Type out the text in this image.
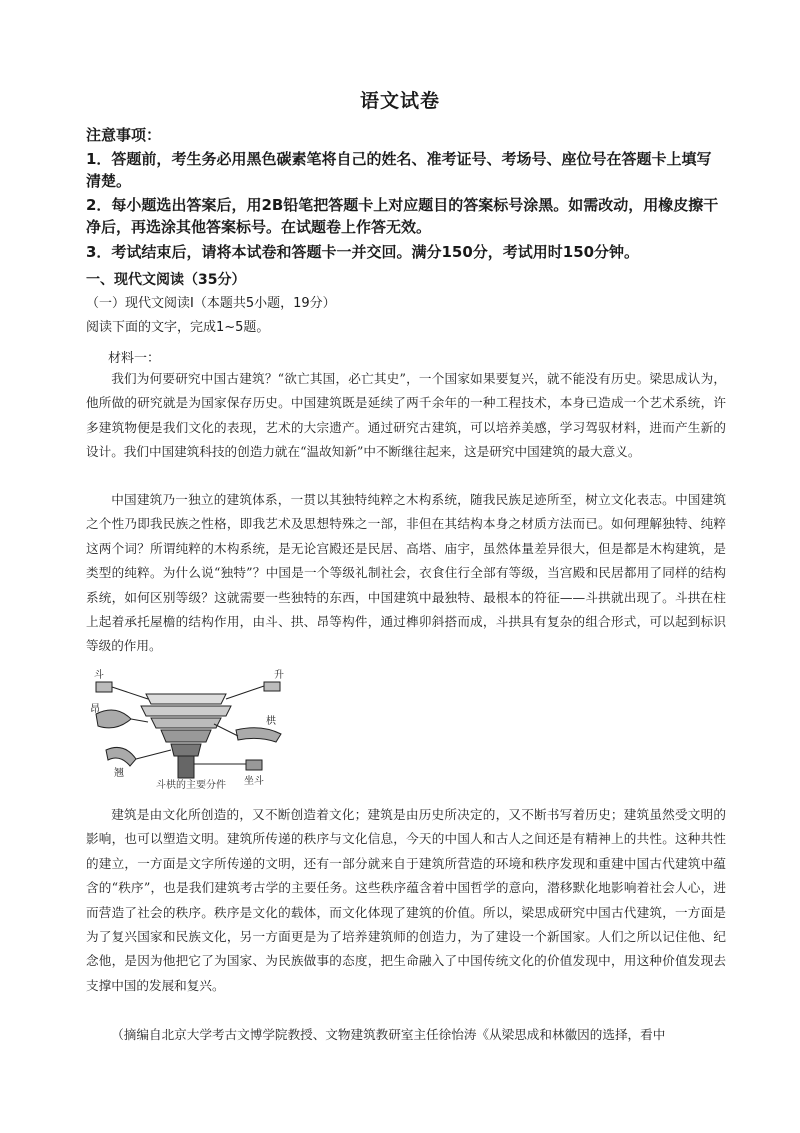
语文试卷
注意事项：
1．答题前，考生务必用黑色碳素笔将自己的姓名、准考证号、考场号、座位号在答题卡上填写清楚。
2．每小题选出答案后，用2B铅笔把答题卡上对应题目的答案标号涂黑。如需改动，用橡皮擦干净后，再选涂其他答案标号。在试题卷上作答无效。
3．考试结束后，请将本试卷和答题卡一并交回。满分150分，考试用时150分钟。
一、现代文阅读（35分）
（一）现代文阅读Ⅰ（本题共5小题，19分）
阅读下面的文字，完成1~5题。
材料一：
我们为何要研究中国古建筑？“欲亡其国，必亡其史”，一个国家如果要复兴，就不能没有历史。梁思成认为，他所做的研究就是为国家保存历史。中国建筑既是延续了两千余年的一种工程技术，本身已造成一个艺术系统，许多建筑物便是我们文化的表现，艺术的大宗遗产。通过研究古建筑，可以培养美感，学习驾驭材料，进而产生新的设计。我们中国建筑科技的创造力就在“温故知新”中不断继往起来，这是研究中国建筑的最大意义。
中国建筑乃一独立的建筑体系，一贯以其独特纯粹之木构系统，随我民族足迹所至，树立文化表志。中国建筑之个性乃即我民族之性格，即我艺术及思想特殊之一部，非但在其结构本身之材质方法而已。如何理解独特、纯粹这两个词？所谓纯粹的木构系统，是无论宫殿还是民居、高塔、庙宇，虽然体量差异很大，但是都是木构建筑，是类型的纯粹。为什么说“独特”？中国是一个等级礼制社会，衣食住行全部有等级，当宫殿和民居都用了同样的结构系统，如何区别等级？这就需要一些独特的东西，中国建筑中最独特、最根本的符征——斗拱就出现了。斗拱在柱上起着承托屋檐的结构作用，由斗、拱、昂等构件，通过榫卯斜搭而成，斗拱具有复杂的组合形式，可以起到标识等级的作用。
斗	升
昂
栱
翘
坐斗
斗栱的主要分件
建筑是由文化所创造的，又不断创造着文化；建筑是由历史所决定的，又不断书写着历史；建筑虽然受文明的影响，也可以塑造文明。建筑所传递的秩序与文化信息，今天的中国人和古人之间还是有精神上的共性。这种共性的建立，一方面是文字所传递的文明，还有一部分就来自于建筑所营造的环境和秩序发现和重建中国古代建筑中蕴含的“秩序”，也是我们建筑考古学的主要任务。这些秩序蕴含着中国哲学的意向，潜移默化地影响着社会人心，进而营造了社会的秩序。秩序是文化的载体，而文化体现了建筑的价值。所以，梁思成研究中国古代建筑，一方面是为了复兴国家和民族文化，另一方面更是为了培养建筑师的创造力，为了建设一个新国家。人们之所以记住他、纪念他，是因为他把它了为国家、为民族做事的态度，把生命融入了中国传统文化的价值发现中，用这种价值发现去支撑中国的发展和复兴。
（摘编自北京大学考古文博学院教授、文物建筑教研室主任徐怡涛《从梁思成和林徽因的选择，看中
